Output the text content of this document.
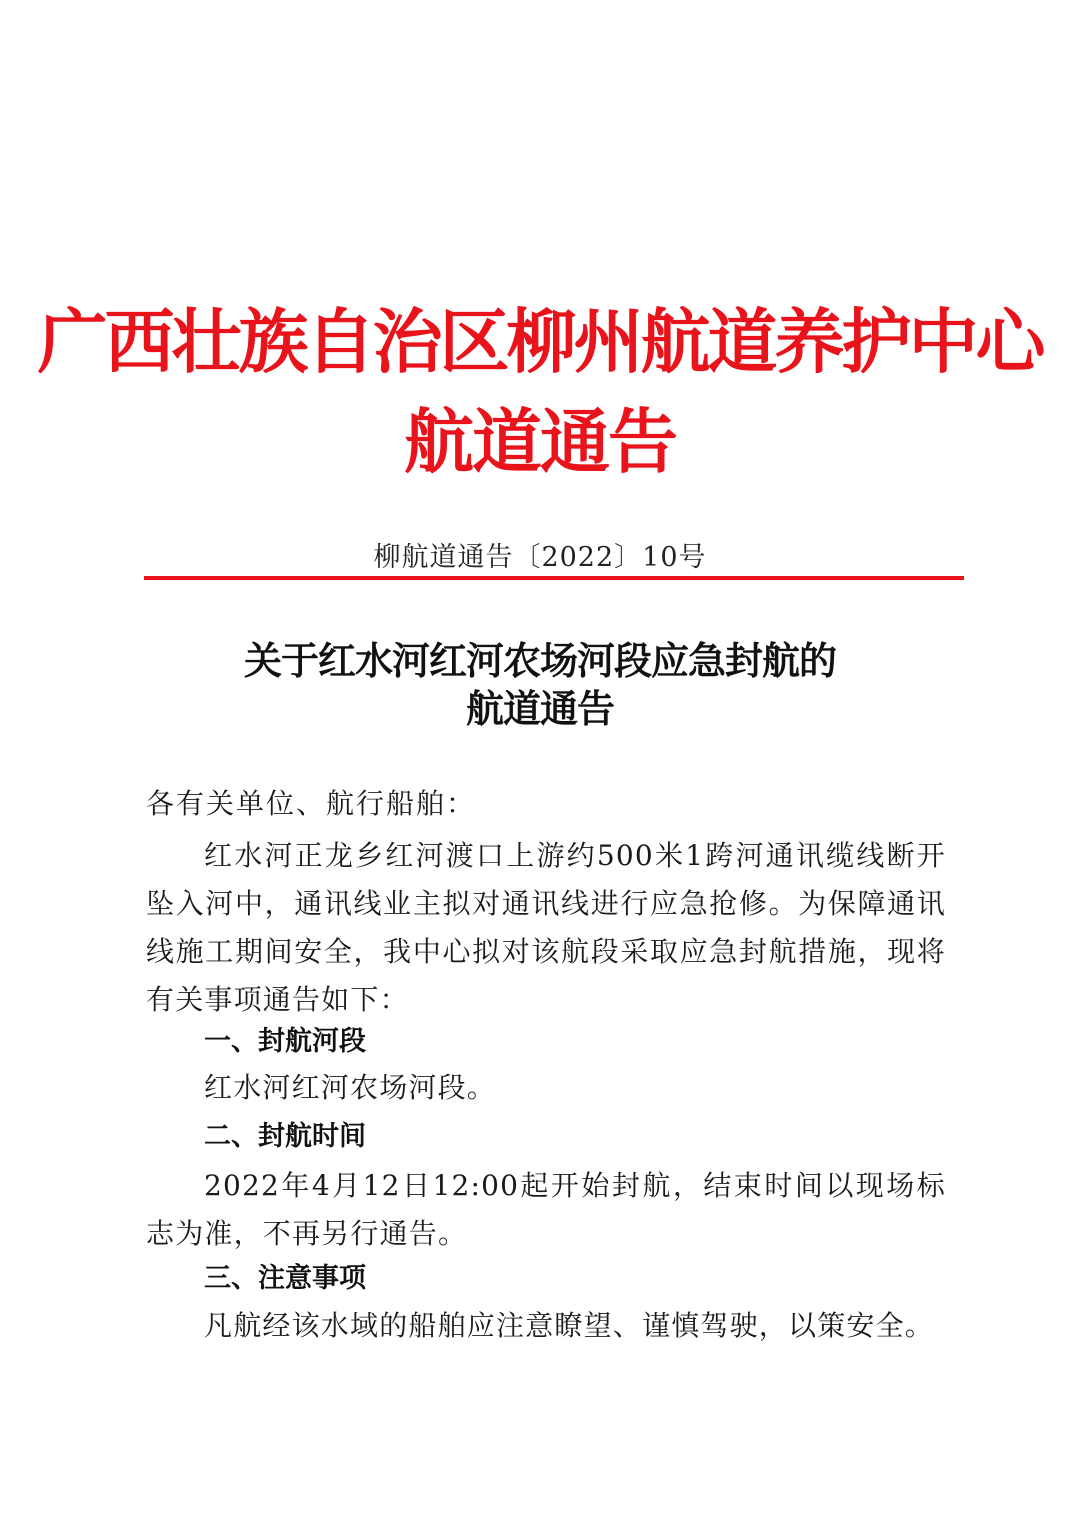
广西壮族自治区柳州航道养护中心
航道通告
柳航道通告〔2022〕10号
关于红水河红河农场河段应急封航的
航道通告
各有关单位、航行船舶：
红水河正龙乡红河渡口上游约500米1跨河通讯缆线断开坠入河中，通讯线业主拟对通讯线进行应急抢修。为保障通讯线施工期间安全，我中心拟对该航段采取应急封航措施，现将有关事项通告如下：
一、封航河段
红水河红河农场河段。
二、封航时间
2022年4月12日12:00起开始封航，结束时间以现场标志为准，不再另行通告。
三、注意事项
凡航经该水域的船舶应注意瞭望、谨慎驾驶，以策安全。
